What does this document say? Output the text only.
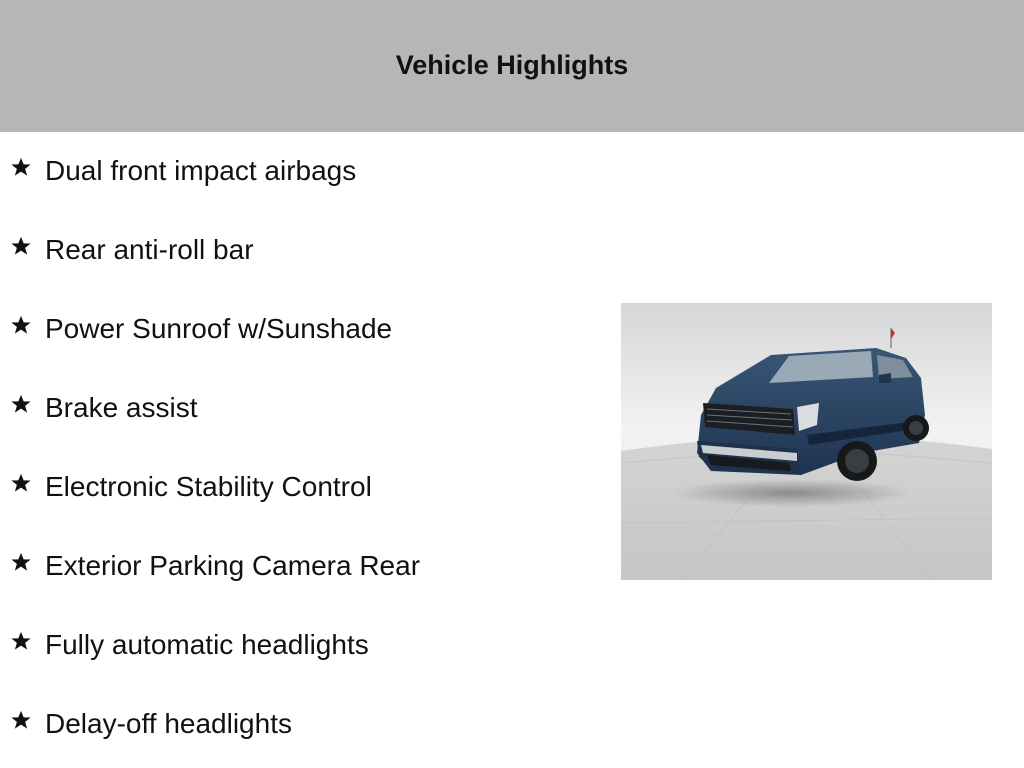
Vehicle Highlights
Dual front impact airbags
Rear anti-roll bar
Power Sunroof w/Sunshade
Brake assist
Electronic Stability Control
Exterior Parking Camera Rear
Fully automatic headlights
Delay-off headlights
